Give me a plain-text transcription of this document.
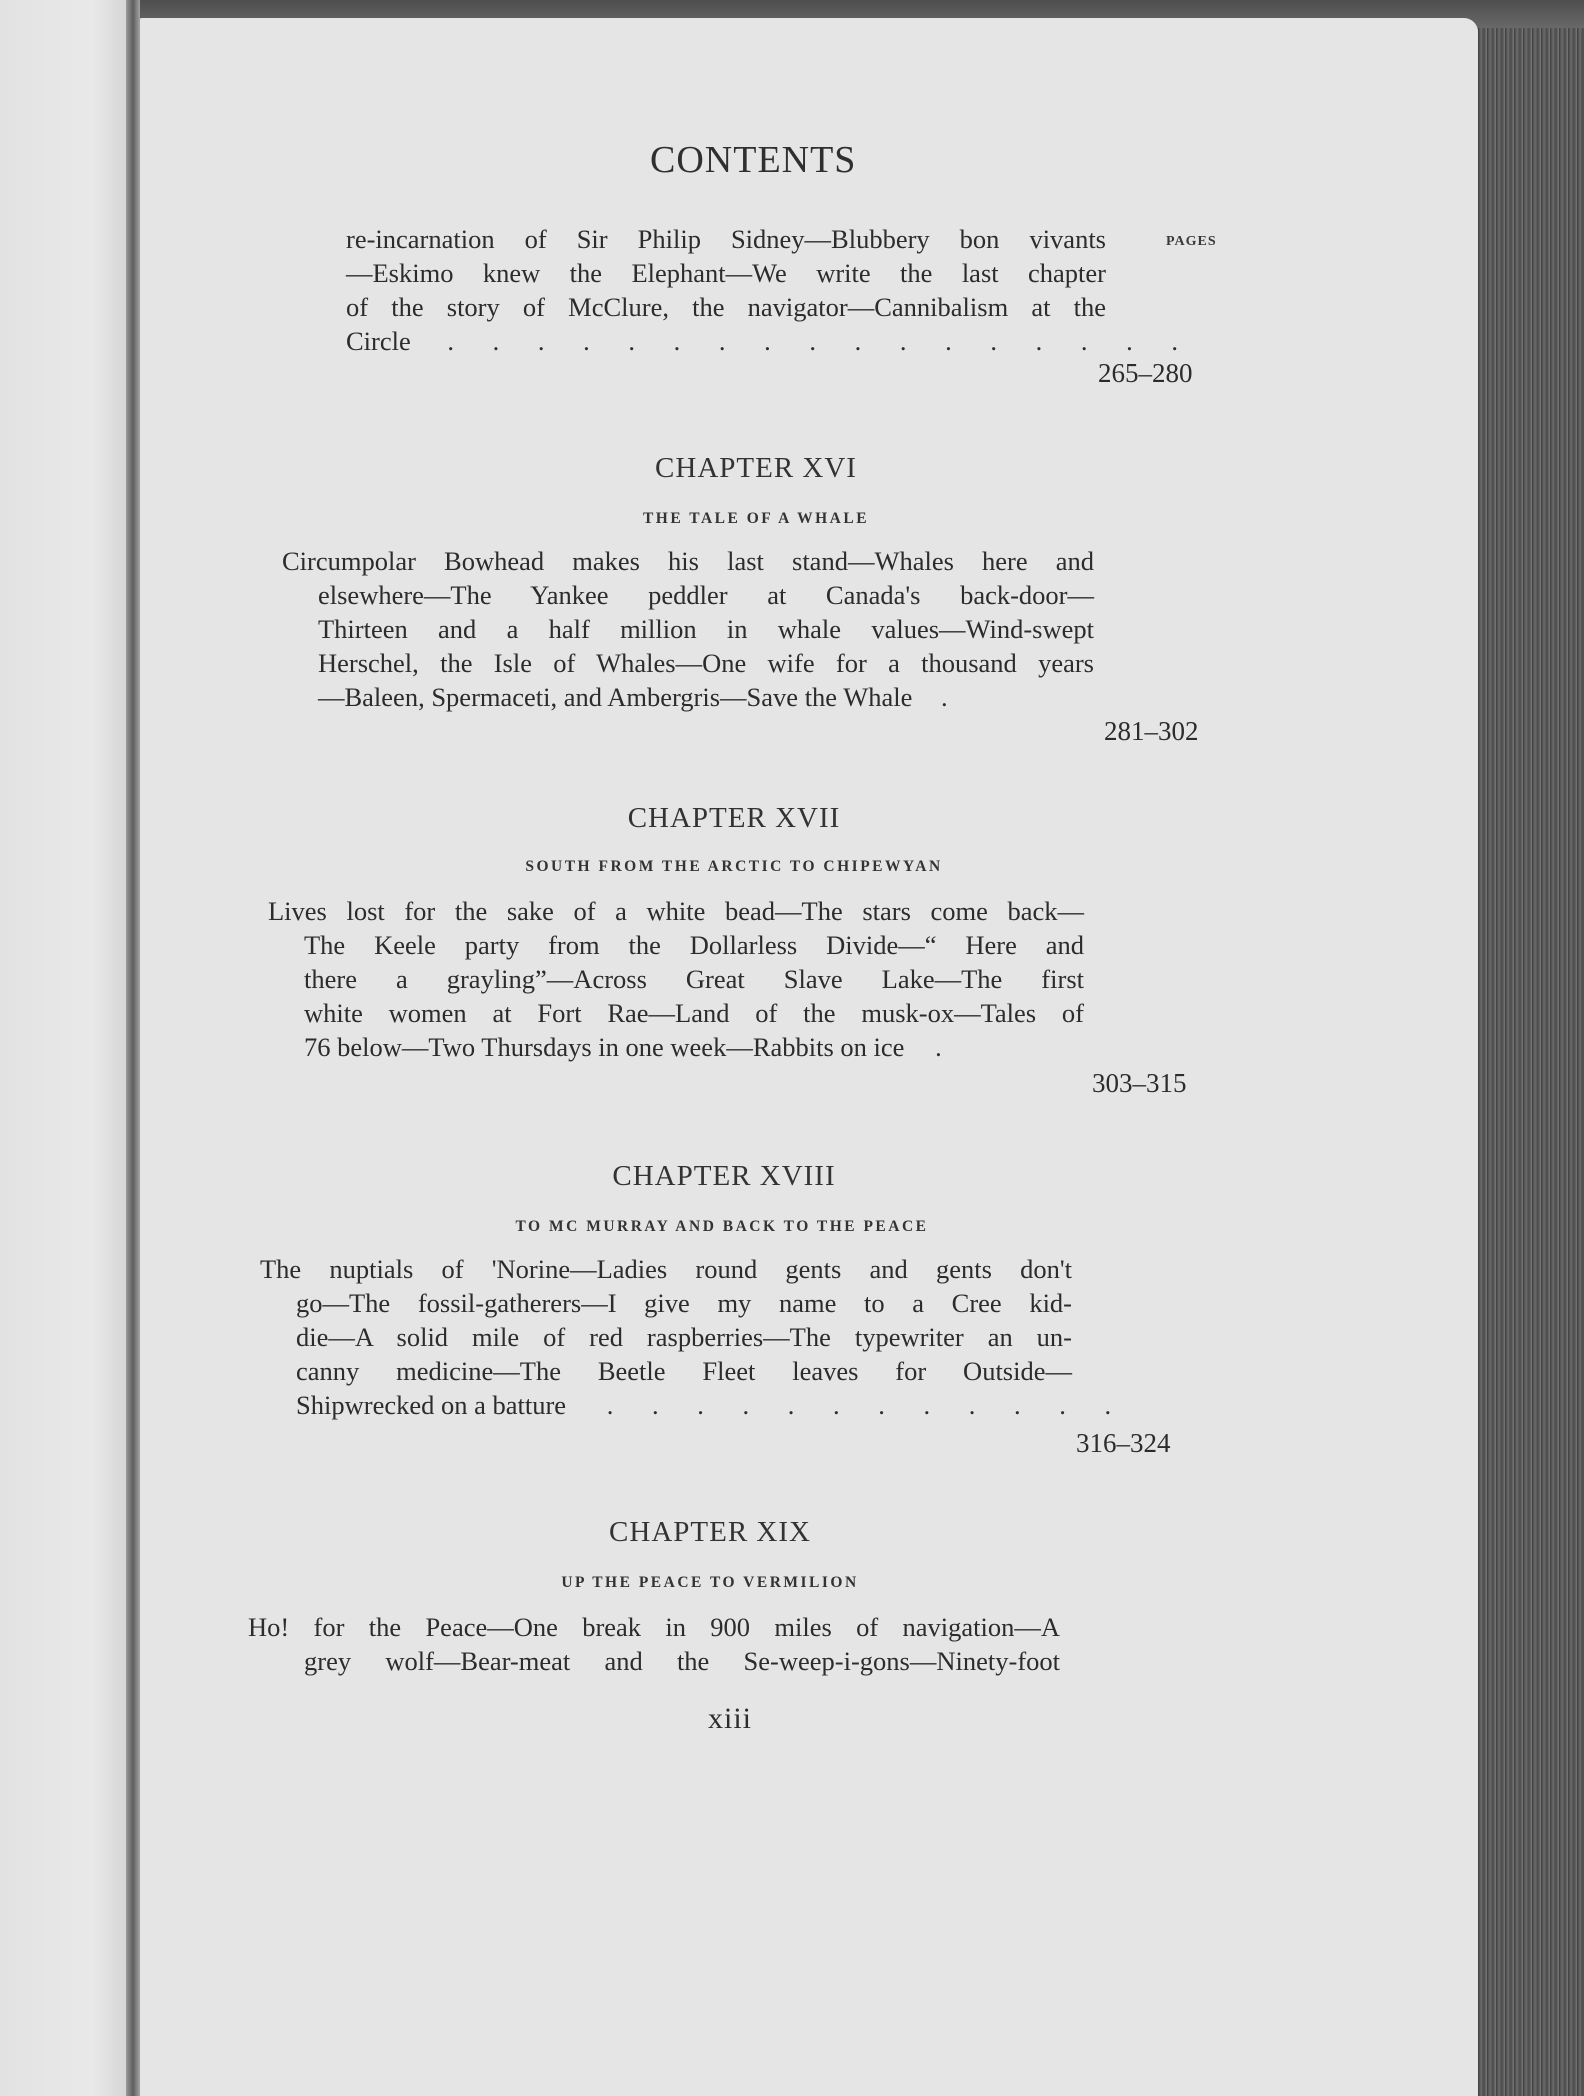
CONTENTS
PAGES
re-incarnation of Sir Philip Sidney—Blubbery bon vivants
—Eskimo knew the Elephant—We write the last chapter
of the story of McClure, the navigator—Cannibalism at the
Circle . . . . . . . . . . . . . . . . .
265–280
CHAPTER XVI
THE TALE OF A WHALE
Circumpolar Bowhead makes his last stand—Whales here and
elsewhere—The Yankee peddler at Canada's back-door—
Thirteen and a half million in whale values—Wind-swept
Herschel, the Isle of Whales—One wife for a thousand years
—Baleen, Spermaceti, and Ambergris—Save the Whale .
281–302
CHAPTER XVII
SOUTH FROM THE ARCTIC TO CHIPEWYAN
Lives lost for the sake of a white bead—The stars come back—
The Keele party from the Dollarless Divide—“ Here and
there a grayling”—Across Great Slave Lake—The first
white women at Fort Rae—Land of the musk-ox—Tales of
76 below—Two Thursdays in one week—Rabbits on ice .
303–315
CHAPTER XVIII
TO MC MURRAY AND BACK TO THE PEACE
The nuptials of 'Norine—Ladies round gents and gents don't
go—The fossil-gatherers—I give my name to a Cree kid-
die—A solid mile of red raspberries—The typewriter an un-
canny medicine—The Beetle Fleet leaves for Outside—
Shipwrecked on a batture . . . . . . . . . . . .
316–324
CHAPTER XIX
UP THE PEACE TO VERMILION
Ho! for the Peace—One break in 900 miles of navigation—A
grey wolf—Bear-meat and the Se-weep-i-gons—Ninety-foot
xiii
